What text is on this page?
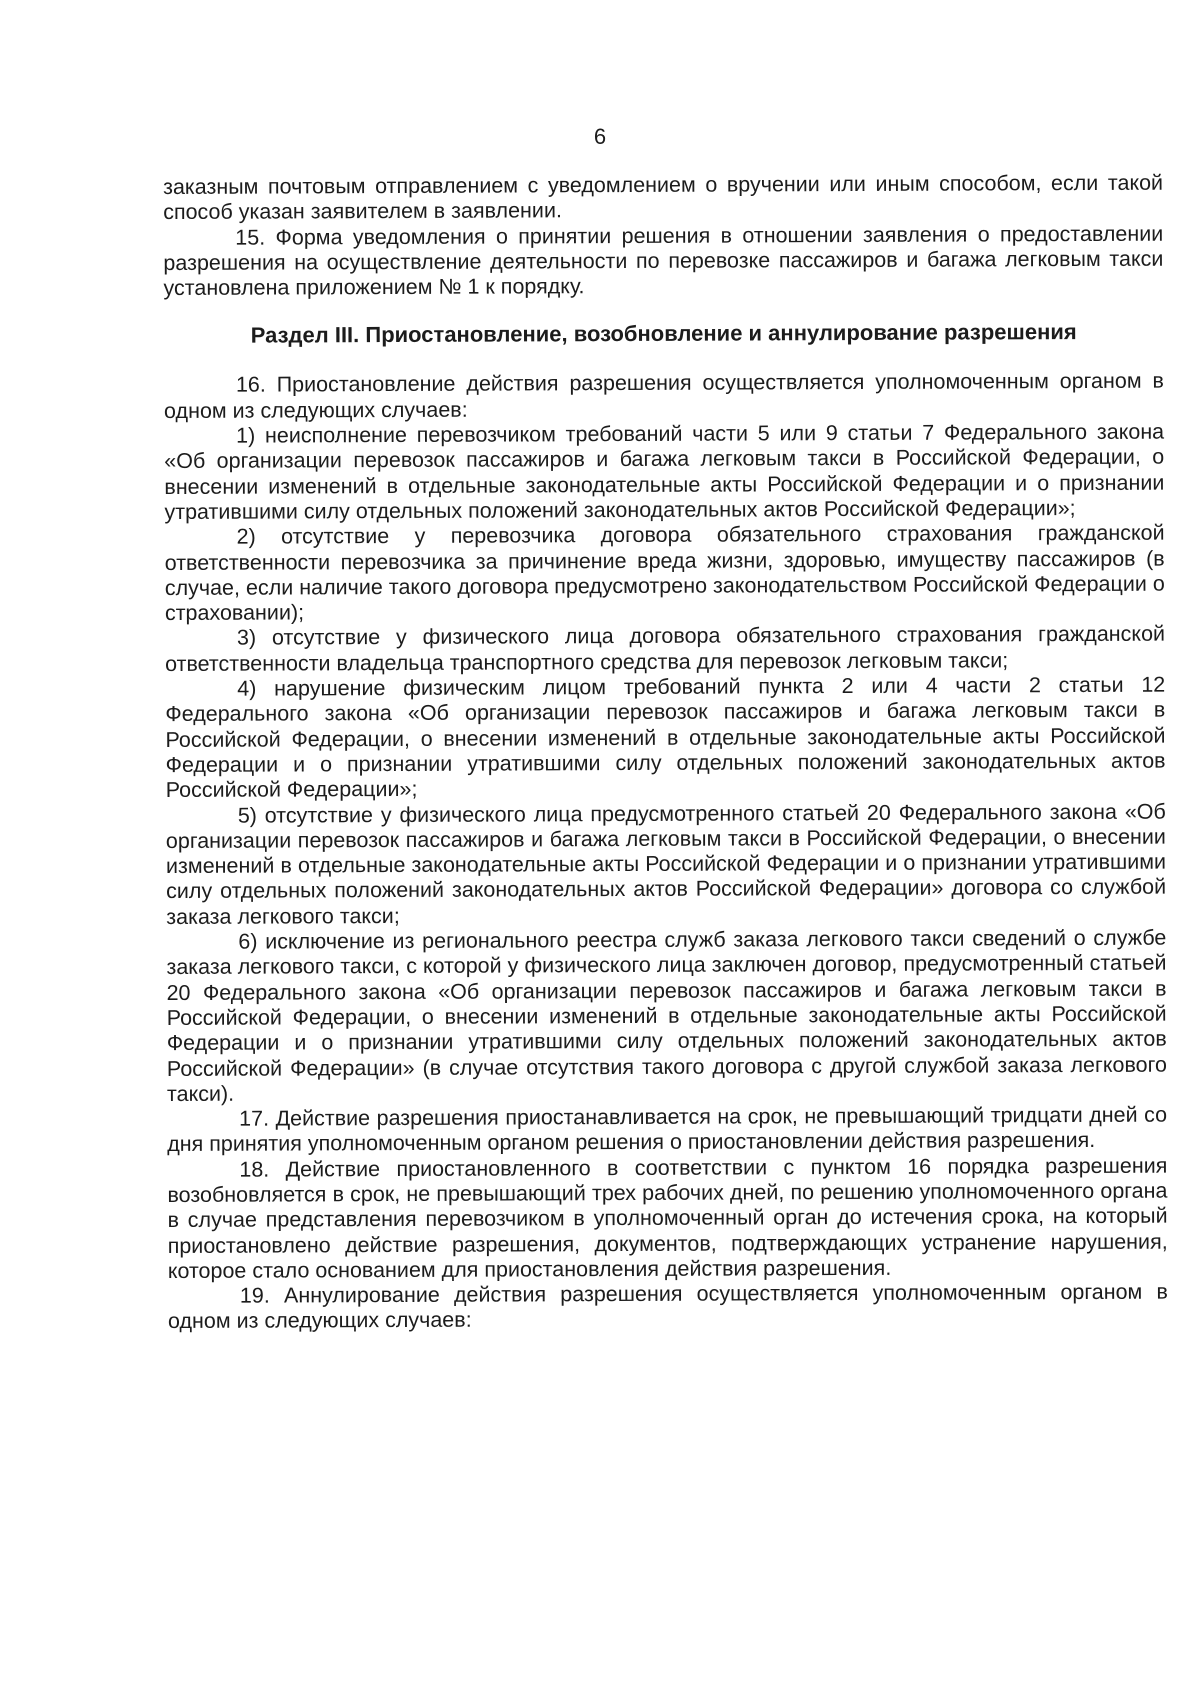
6

заказным почтовым отправлением с уведомлением о вручении или иным способом, если такой способ указан заявителем в заявлении.

15. Форма уведомления о принятии решения в отношении заявления о предоставлении разрешения на осуществление деятельности по перевозке пассажиров и багажа легковым такси установлена приложением № 1 к порядку.

Раздел III. Приостановление, возобновление и аннулирование разрешения

16. Приостановление действия разрешения осуществляется уполномоченным органом в одном из следующих случаев:

1) неисполнение перевозчиком требований части 5 или 9 статьи 7 Федерального закона «Об организации перевозок пассажиров и багажа легковым такси в Российской Федерации, о внесении изменений в отдельные законодательные акты Российской Федерации и о признании утратившими силу отдельных положений законодательных актов Российской Федерации»;

2) отсутствие у перевозчика договора обязательного страхования гражданской ответственности перевозчика за причинение вреда жизни, здоровью, имуществу пассажиров (в случае, если наличие такого договора предусмотрено законодательством Российской Федерации о страховании);

3) отсутствие у физического лица договора обязательного страхования гражданской ответственности владельца транспортного средства для перевозок легковым такси;

4) нарушение физическим лицом требований пункта 2 или 4 части 2 статьи 12 Федерального закона «Об организации перевозок пассажиров и багажа легковым такси в Российской Федерации, о внесении изменений в отдельные законодательные акты Российской Федерации и о признании утратившими силу отдельных положений законодательных актов Российской Федерации»;

5) отсутствие у физического лица предусмотренного статьей 20 Федерального закона «Об организации перевозок пассажиров и багажа легковым такси в Российской Федерации, о внесении изменений в отдельные законодательные акты Российской Федерации и о признании утратившими силу отдельных положений законодательных актов Российской Федерации» договора со службой заказа легкового такси;

6) исключение из регионального реестра служб заказа легкового такси сведений о службе заказа легкового такси, с которой у физического лица заключен договор, предусмотренный статьей 20 Федерального закона «Об организации перевозок пассажиров и багажа легковым такси в Российской Федерации, о внесении изменений в отдельные законодательные акты Российской Федерации и о признании утратившими силу отдельных положений законодательных актов Российской Федерации» (в случае отсутствия такого договора с другой службой заказа легкового такси).

17. Действие разрешения приостанавливается на срок, не превышающий тридцати дней со дня принятия уполномоченным органом решения о приостановлении действия разрешения.

18. Действие приостановленного в соответствии с пунктом 16 порядка разрешения возобновляется в срок, не превышающий трех рабочих дней, по решению уполномоченного органа в случае представления перевозчиком в уполномоченный орган до истечения срока, на который приостановлено действие разрешения, документов, подтверждающих устранение нарушения, которое стало основанием для приостановления действия разрешения.

19. Аннулирование действия разрешения осуществляется уполномоченным органом в одном из следующих случаев:
